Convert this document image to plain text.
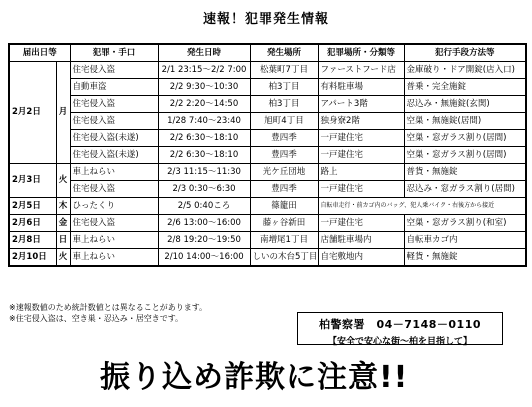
速報！犯罪発生情報
届出日等		犯罪・手口	発生日時	発生場所	犯罪場所・分類等	犯行手段方法等
2月2日	月	住宅侵入盗	2/1 23:15～2/2 7:00	松葉町7丁目	ファーストフード店	金庫破り・ドア開錠(店入口)
		自動車盗	2/2 9:30～10:30	柏3丁目	有料駐車場	普乗・完全施錠
		住宅侵入盗	2/2 2:20～14:50	柏3丁目	アパート3階	忍込み・無施錠(玄関)
		住宅侵入盗	1/28 7:40～23:40	旭町4丁目	独身寮2階	空巣・無施錠(居間)
		住宅侵入盗(未遂)	2/2 6:30～18:10	豊四季	一戸建住宅	空巣・窓ガラス割り(居間)
		住宅侵入盗(未遂)	2/2 6:30～18:10	豊四季	一戸建住宅	空巣・窓ガラス割り(居間)
2月3日	火	車上ねらい	2/3 11:15～11:30	光ケ丘団地	路上	普貨・無施錠
		住宅侵入盗	2/3 0:30～6:30	豊四季	一戸建住宅	忍込み・窓ガラス割り(居間)
2月5日	木	ひったくり	2/5 0:40ころ	篠籠田	自転車走行・前カゴ内のバッグ、犯人乗バイク・右後方から接近	
2月6日	金	住宅侵入盗	2/6 13:00～16:00	藤ヶ谷新田	一戸建住宅	空巣・窓ガラス割り(和室)
2月8日	日	車上ねらい	2/8 19:20～19:50	南増尾1丁目	店舗駐車場内	自転車カゴ内
2月10日	火	車上ねらい	2/10 14:00～16:00	しいの木台5丁目	自宅敷地内	軽貨・無施錠
※速報数値のため統計数値とは異なることがあります。
※住宅侵入盗は、空き巣・忍込み・居空きです。	柏警察署　04－7148－0110
【安全で安心な街～柏を目指して】
振り込め詐欺に注意!!
